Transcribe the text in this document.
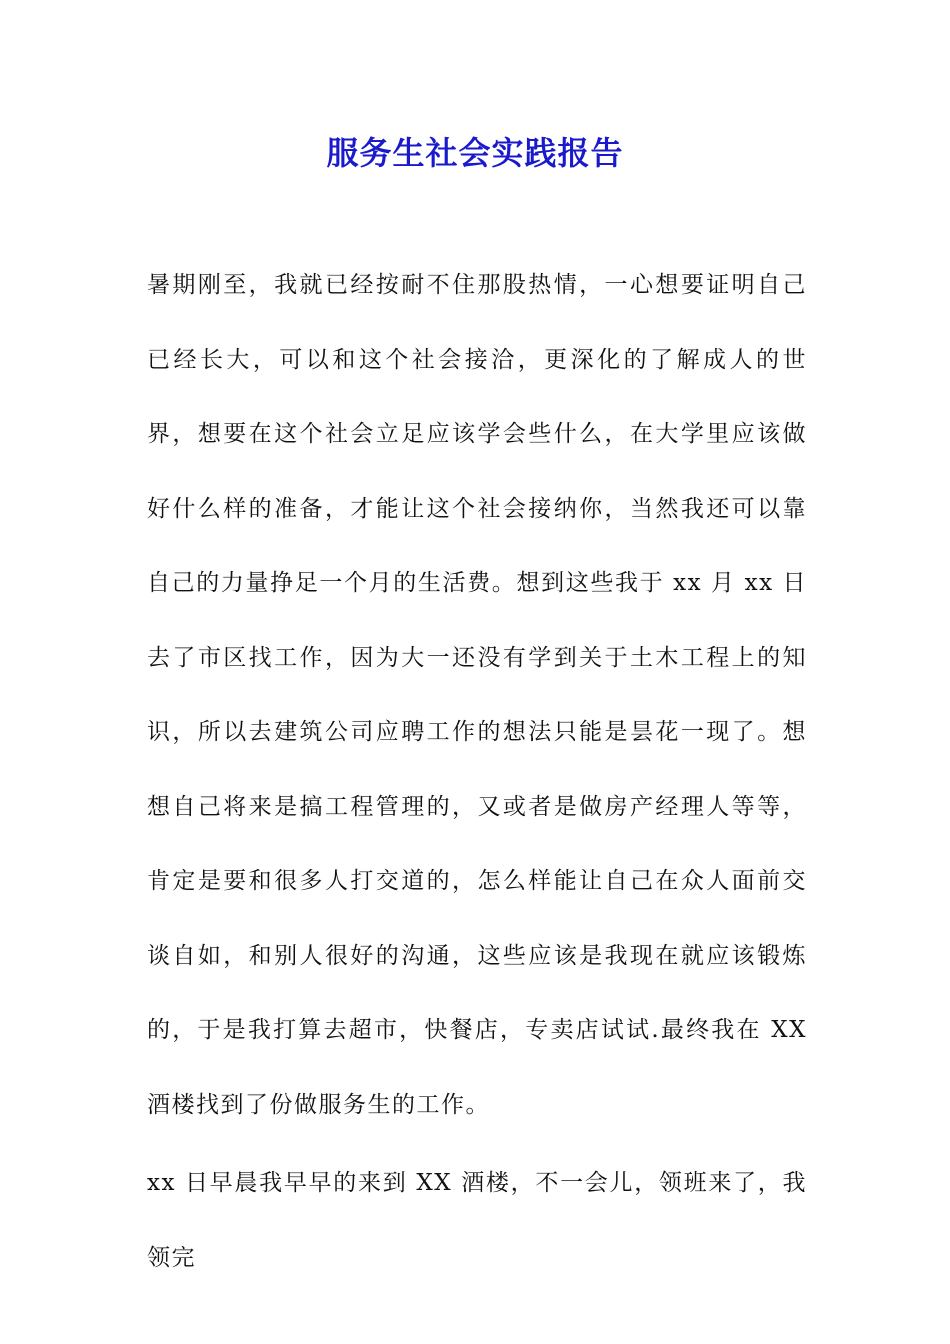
服务生社会实践报告

暑期刚至，我就已经按耐不住那股热情，一心想要证明自己已经长大，可以和这个社会接洽，更深化的了解成人的世界，想要在这个社会立足应该学会些什么，在大学里应该做好什么样的准备，才能让这个社会接纳你，当然我还可以靠自己的力量挣足一个月的生活费。想到这些我于 xx 月 xx 日去了市区找工作，因为大一还没有学到关于土木工程上的知识，所以去建筑公司应聘工作的想法只能是昙花一现了。想想自己将来是搞工程管理的，又或者是做房产经理人等等，肯定是要和很多人打交道的，怎么样能让自己在众人面前交谈自如，和别人很好的沟通，这些应该是我现在就应该锻炼的，于是我打算去超市，快餐店，专卖店试试.最终我在 XX 酒楼找到了份做服务生的工作。

xx 日早晨我早早的来到 XX 酒楼，不一会儿，领班来了，我领完
